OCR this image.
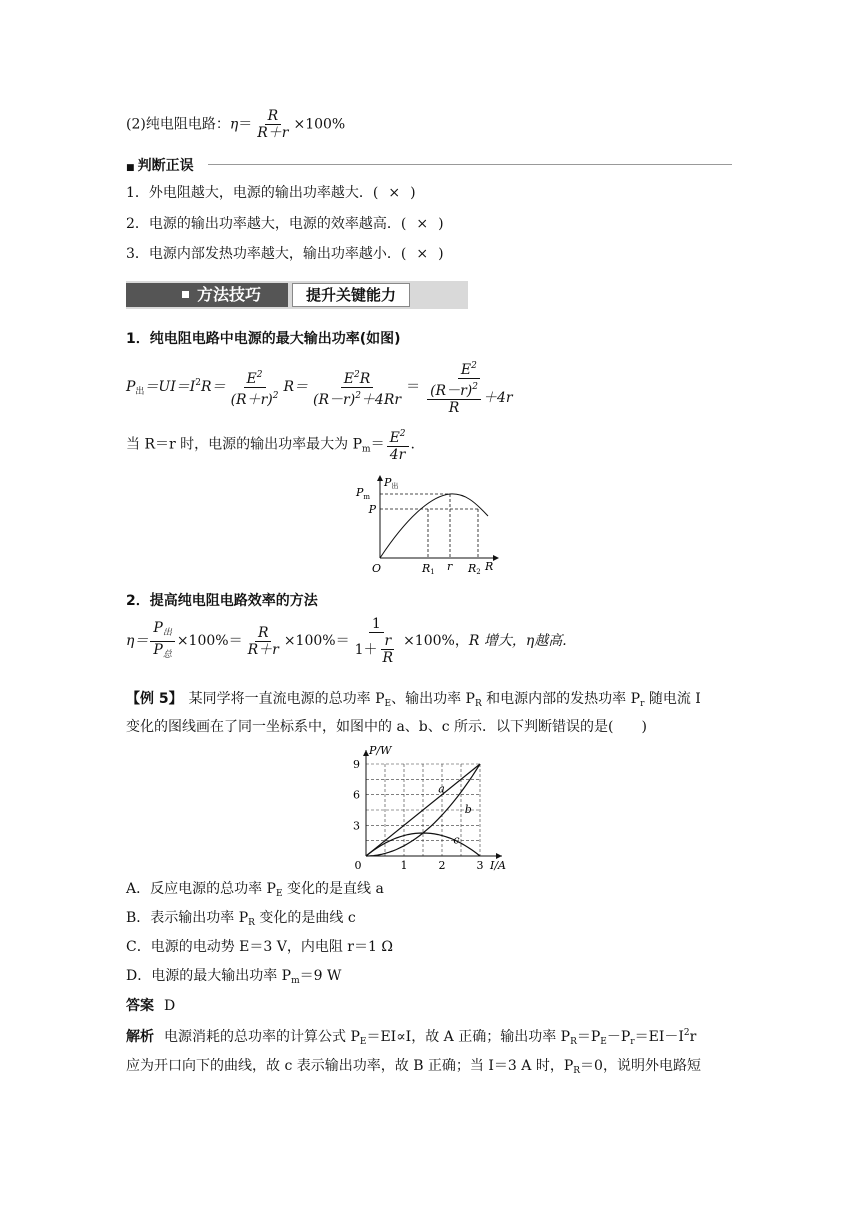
(2)纯电阻电路：$\eta= \frac{R}{R+r} \times 100\%$
■ 判断正误
1．外电阻越大，电源的输出功率越大．( × )
2．电源的输出功率越大，电源的效率越高．( × )
3．电源内部发热功率越大，输出功率越小．( × )
方法技巧	提升关键能力
1．纯电阻电路中电源的最大输出功率(如图)
$P_出=UI=I^2R= \frac{E^2}{(R+r)^2} R= \frac{E^2R}{(R-r)^2+4Rr} = \frac{E^2}{\frac{(R-r)^2}{R} +4r}$
当 R＝r 时，电源的输出功率最大为 $P_m= \frac{E^2}{4r}$ .
P出
$P_m$
P
O	R1 r R2 R
2．提高纯电阻电路效率的方法
$\eta= \frac{P_出}{P_总} \times 100\%= \frac{R}{R+r} \times 100\%= \frac{1}{1+ \frac{r}{R}} \times 100\%$，R 增大，η越高.
【例 5】 某同学将一直流电源的总功率 $P_E$、输出功率 $P_R$ 和电源内部的发热功率 $P_r$ 随电流 I
变化的图线画在了同一坐标系中，如图中的 a、b、c 所示．以下判断错误的是(　　)
a
b
c
1	2	3
3
6
9
0	I/A
P/W
A．反应电源的总功率 $P_E$ 变化的是直线 a
B．表示输出功率 $P_R$ 变化的是曲线 c
C．电源的电动势 E＝3 V，内电阻 r＝1 Ω
D．电源的最大输出功率 $P_m=9$ W
答案 D
解析 电源消耗的总功率的计算公式 $P_E=EI\propto I$，故 A 正确；输出功率 $P_R=P_E-P_r=EI-I^2r$
应为开口向下的曲线，故 c 表示输出功率，故 B 正确；当 I＝3 A 时，$P_R=0$，说明外电路短
